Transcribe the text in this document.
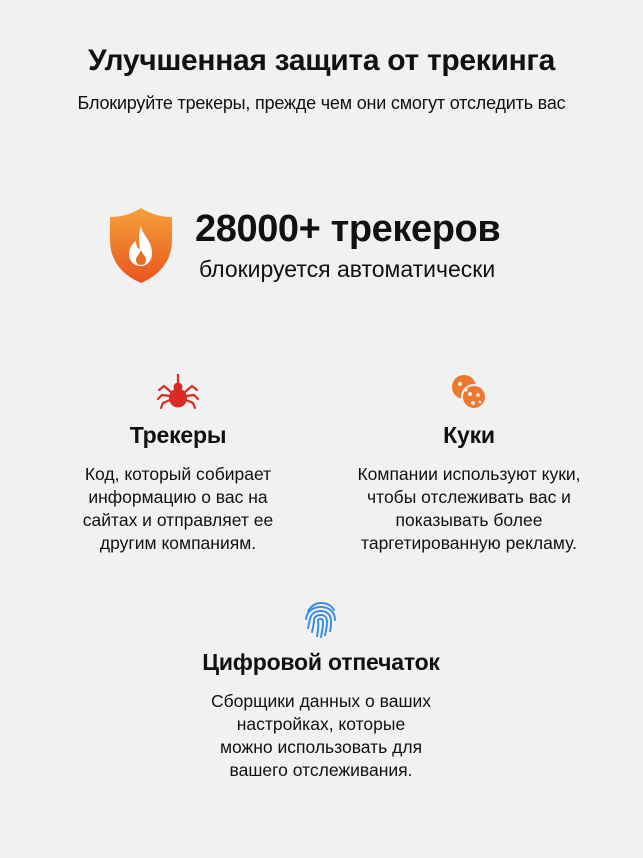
Улучшенная защита от трекинга
Блокируйте трекеры, прежде чем они смогут отследить вас
28000+ трекеров
блокируется автоматически
Трекеры
Код, который собирает
информацию о вас на
сайтах и отправляет ее
другим компаниям.
Куки
Компании используют куки,
чтобы отслеживать вас и
показывать более
таргетированную рекламу.
Цифровой отпечаток
Сборщики данных о ваших
настройках, которые
можно использовать для
вашего отслеживания.
